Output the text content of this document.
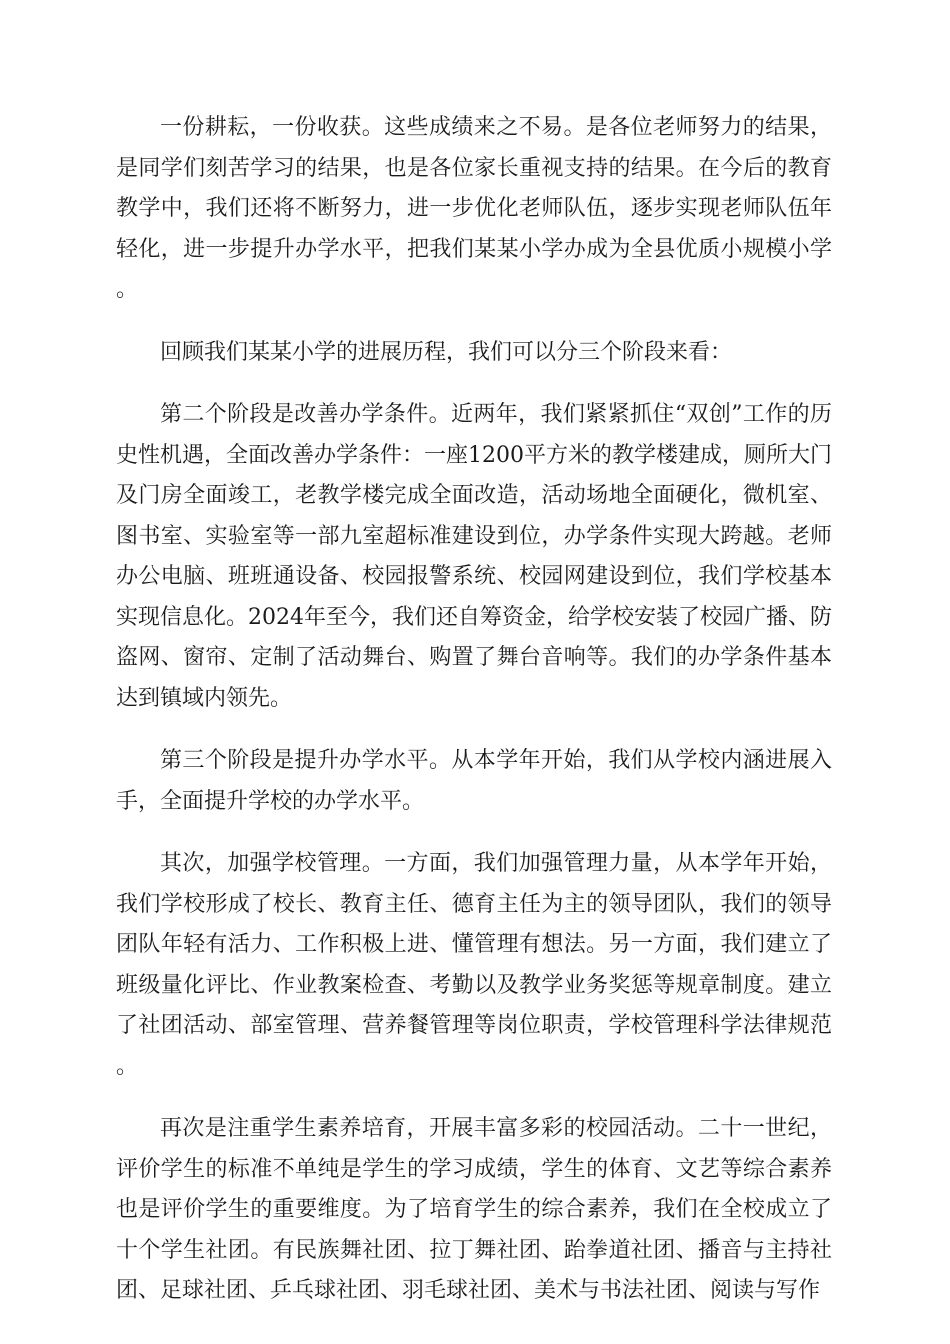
一份耕耘，一份收获。这些成绩来之不易。是各位老师努力的结果，是同学们刻苦学习的结果，也是各位家长重视支持的结果。在今后的教育教学中，我们还将不断努力，进一步优化老师队伍，逐步实现老师队伍年轻化，进一步提升办学水平，把我们某某小学办成为全县优质小规模小学。

回顾我们某某小学的进展历程，我们可以分三个阶段来看：

第二个阶段是改善办学条件。近两年，我们紧紧抓住“双创”工作的历史性机遇，全面改善办学条件：一座1200平方米的教学楼建成，厕所大门及门房全面竣工，老教学楼完成全面改造，活动场地全面硬化，微机室、图书室、实验室等一部九室超标准建设到位，办学条件实现大跨越。老师办公电脑、班班通设备、校园报警系统、校园网建设到位，我们学校基本实现信息化。2024年至今，我们还自筹资金，给学校安装了校园广播、防盗网、窗帘、定制了活动舞台、购置了舞台音响等。我们的办学条件基本达到镇域内领先。

第三个阶段是提升办学水平。从本学年开始，我们从学校内涵进展入手，全面提升学校的办学水平。

其次，加强学校管理。一方面，我们加强管理力量，从本学年开始，我们学校形成了校长、教育主任、德育主任为主的领导团队，我们的领导团队年轻有活力、工作积极上进、懂管理有想法。另一方面，我们建立了班级量化评比、作业教案检查、考勤以及教学业务奖惩等规章制度。建立了社团活动、部室管理、营养餐管理等岗位职责，学校管理科学法律规范。

再次是注重学生素养培育，开展丰富多彩的校园活动。二十一世纪，评价学生的标准不单纯是学生的学习成绩，学生的体育、文艺等综合素养也是评价学生的重要维度。为了培育学生的综合素养，我们在全校成立了十个学生社团。有民族舞社团、拉丁舞社团、跆拳道社团、播音与主持社团、足球社团、乒乓球社团、羽毛球社团、美术与书法社团、阅读与写作
